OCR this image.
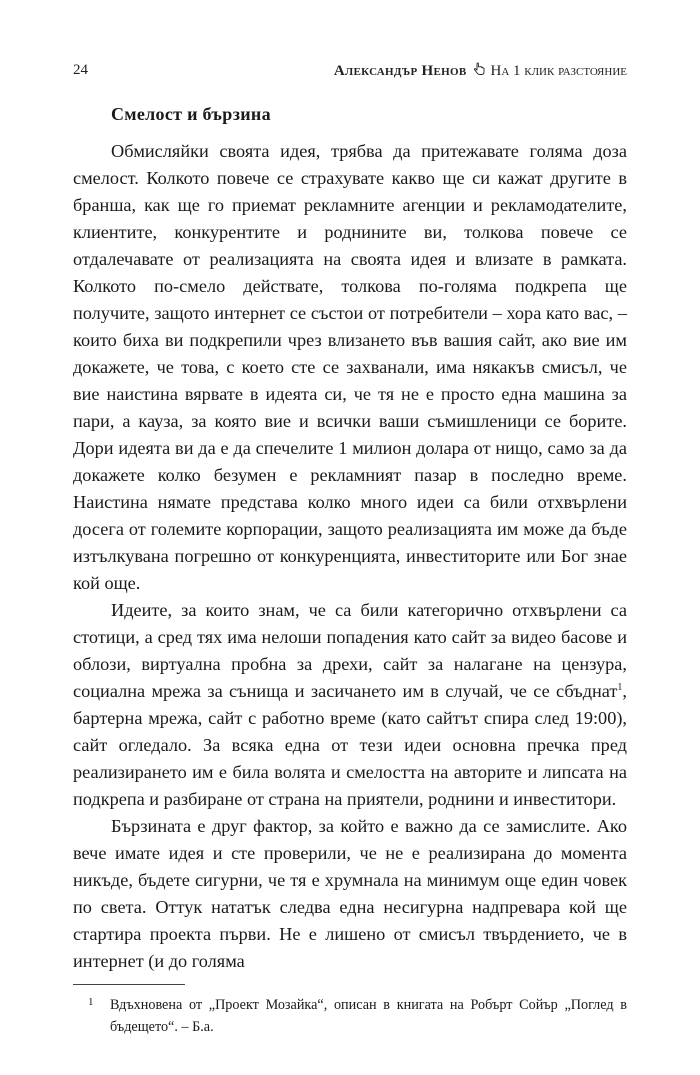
24	Александър Ненов На 1 клик разстояние
Смелост и бързина

Обмисляйки своята идея, трябва да притежавате голяма доза смелост. Колкото повече се страхувате какво ще си кажат другите в бранша, как ще го приемат рекламните агенции и рекламодателите, клиентите, конкурентите и роднините ви, толкова повече се отдалечавате от реализацията на своята идея и влизате в рамката. Колкото по-смело действате, толкова по-голяма подкрепа ще получите, защото интернет се състои от потребители – хора като вас, – които биха ви подкрепили чрез влизането във вашия сайт, ако вие им докажете, че това, с което сте се захванали, има някакъв смисъл, че вие наистина вярвате в идеята си, че тя не е просто една машина за пари, а кауза, за която вие и всички ваши съмишленици се борите. Дори идеята ви да е да спечелите 1 милион долара от нищо, само за да докажете колко безумен е рекламният пазар в последно време. Наистина нямате представа колко много идеи са били отхвърлени досега от големите корпорации, защото реализацията им може да бъде изтълкувана погрешно от конкуренцията, инвеститорите или Бог знае кой още.

Идеите, за които знам, че са били категорично отхвърлени са стотици, а сред тях има нелоши попадения като сайт за видео басове и облози, виртуална пробна за дрехи, сайт за налагане на цензура, социална мрежа за сънища и засичането им в случай, че се сбъднат$^1$, бартерна мрежа, сайт с работно време (като сайтът спира след 19:00), сайт огледало. За всяка една от тези идеи основна пречка пред реализирането им е била волята и смелостта на авторите и липсата на подкрепа и разбиране от страна на приятели, роднини и инвеститори.

Бързината е друг фактор, за който е важно да се замислите. Ако вече имате идея и сте проверили, че не е реализирана до момента никъде, бъдете сигурни, че тя е хрумнала на минимум още един човек по света. Оттук нататък следва една несигурна надпревара кой ще стартира проекта първи. Не е лишено от смисъл твърдението, че в интернет (и до голяма

1	Вдъхновена от „Проект Мозайка“, описан в книгата на Робърт Сойър „Поглед в бъдещето“. – Б.а.
